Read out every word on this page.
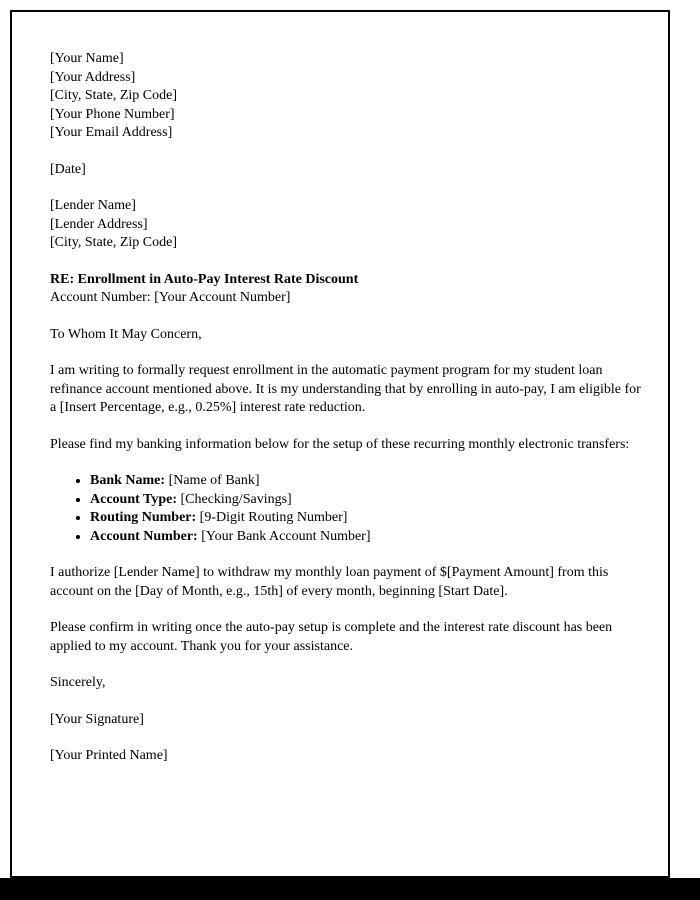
[Your Name]

[Your Address]

[City, State, Zip Code]

[Your Phone Number]

[Your Email Address]

[Date]

[Lender Name]

[Lender Address]

[City, State, Zip Code]

RE: Enrollment in Auto-Pay Interest Rate Discount

Account Number: [Your Account Number]

To Whom It May Concern,

I am writing to formally request enrollment in the automatic payment program for my student loan refinance account mentioned above. It is my understanding that by enrolling in auto-pay, I am eligible for a [Insert Percentage, e.g., 0.25%] interest rate reduction.

Please find my banking information below for the setup of these recurring monthly electronic transfers:

• Bank Name: [Name of Bank]
• Account Type: [Checking/Savings]
• Routing Number: [9-Digit Routing Number]
• Account Number: [Your Bank Account Number]

I authorize [Lender Name] to withdraw my monthly loan payment of $[Payment Amount] from this account on the [Day of Month, e.g., 15th] of every month, beginning [Start Date].

Please confirm in writing once the auto-pay setup is complete and the interest rate discount has been applied to my account. Thank you for your assistance.

Sincerely,

[Your Signature]

[Your Printed Name]
